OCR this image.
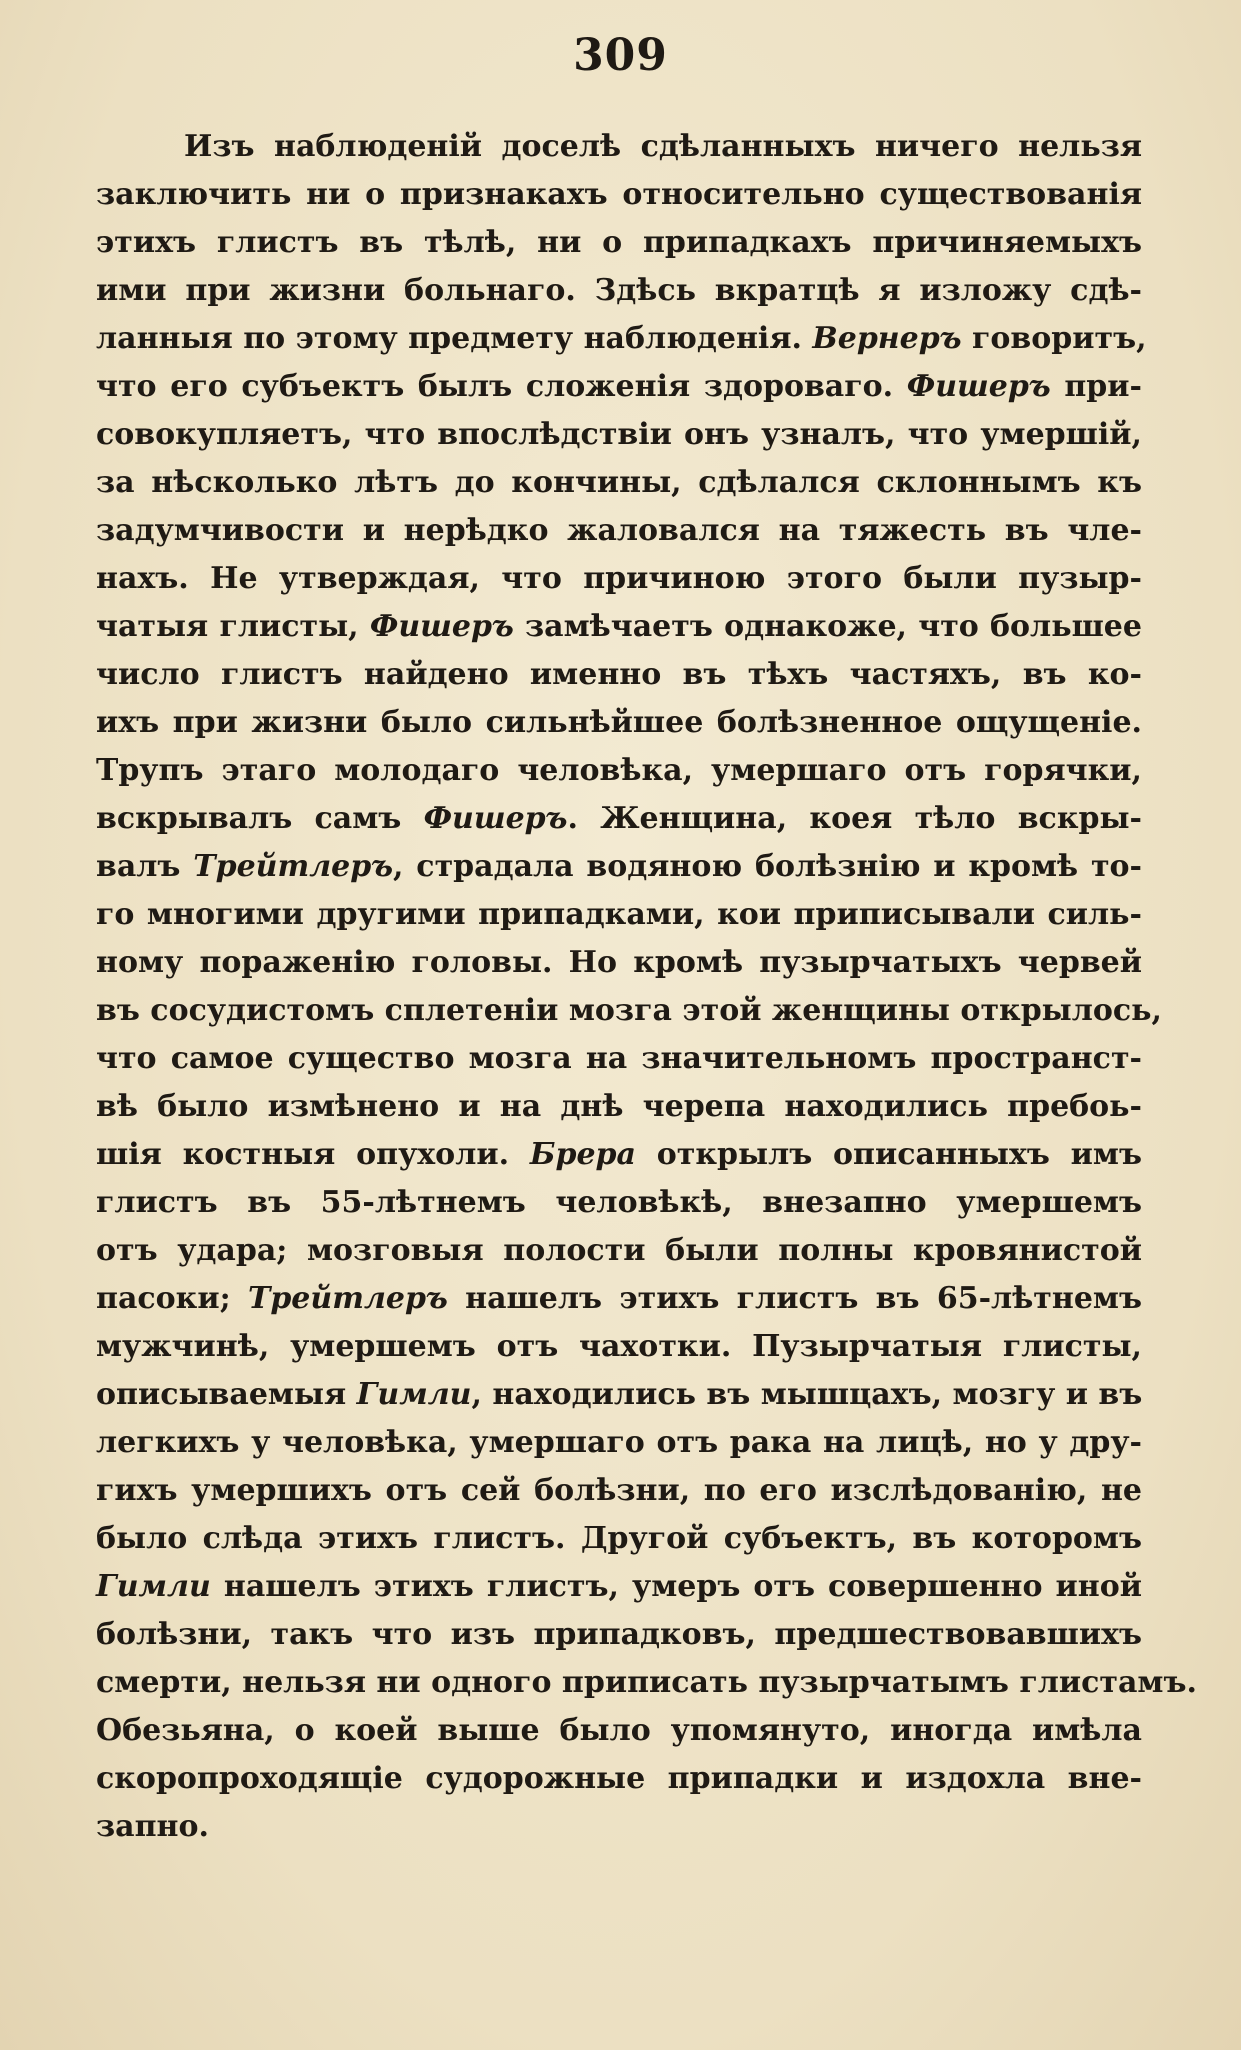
309
Изъ наблюденій доселѣ сдѣланныхъ ничего нельзя
заключить ни о признакахъ относительно существованія
этихъ глистъ въ тѣлѣ, ни о припадкахъ причиняемыхъ
ими при жизни больнаго. Здѣсь вкратцѣ я изложу сдѣ-
ланныя по этому предмету наблюденія. Вернеръ говоритъ,
что его субъектъ былъ сложенія здороваго. Фишеръ при-
совокупляетъ, что впослѣдствіи онъ узналъ, что умершій,
за нѣсколько лѣтъ до кончины, сдѣлался склоннымъ къ
задумчивости и нерѣдко жаловался на тяжесть въ чле-
нахъ. Не утверждая, что причиною этого были пузыр-
чатыя глисты, Фишеръ замѣчаетъ однакоже, что большее
число глистъ найдено именно въ тѣхъ частяхъ, въ ко-
ихъ при жизни было сильнѣйшее болѣзненное ощущеніе.
Трупъ этаго молодаго человѣка, умершаго отъ горячки,
вскрывалъ самъ Фишеръ. Женщина, коея тѣло вскры-
валъ Трейтлеръ, страдала водяною болѣзнію и кромѣ то-
го многими другими припадками, кои приписывали силь-
ному пораженію головы. Но кромѣ пузырчатыхъ червей
въ сосудистомъ сплетеніи мозга этой женщины открылось,
что самое существо мозга на значительномъ пространст-
вѣ было измѣнено и на днѣ черепа находились пребоь-
шія костныя опухоли. Брера открылъ описанныхъ имъ
глистъ въ 55-лѣтнемъ человѣкѣ, внезапно умершемъ
отъ удара; мозговыя полости были полны кровянистой
пасоки; Трейтлеръ нашелъ этихъ глистъ въ 65-лѣтнемъ
мужчинѣ, умершемъ отъ чахотки. Пузырчатыя глисты,
описываемыя Гимли, находились въ мышцахъ, мозгу и въ
легкихъ у человѣка, умершаго отъ рака на лицѣ, но у дру-
гихъ умершихъ отъ сей болѣзни, по его изслѣдованію, не
было слѣда этихъ глистъ. Другой субъектъ, въ которомъ
Гимли нашелъ этихъ глистъ, умеръ отъ совершенно иной
болѣзни, такъ что изъ припадковъ, предшествовавшихъ
смерти, нельзя ни одного приписать пузырчатымъ глистамъ.
Обезьяна, о коей выше было упомянуто, иногда имѣла
скоропроходящіе судорожные припадки и издохла вне-
запно.
